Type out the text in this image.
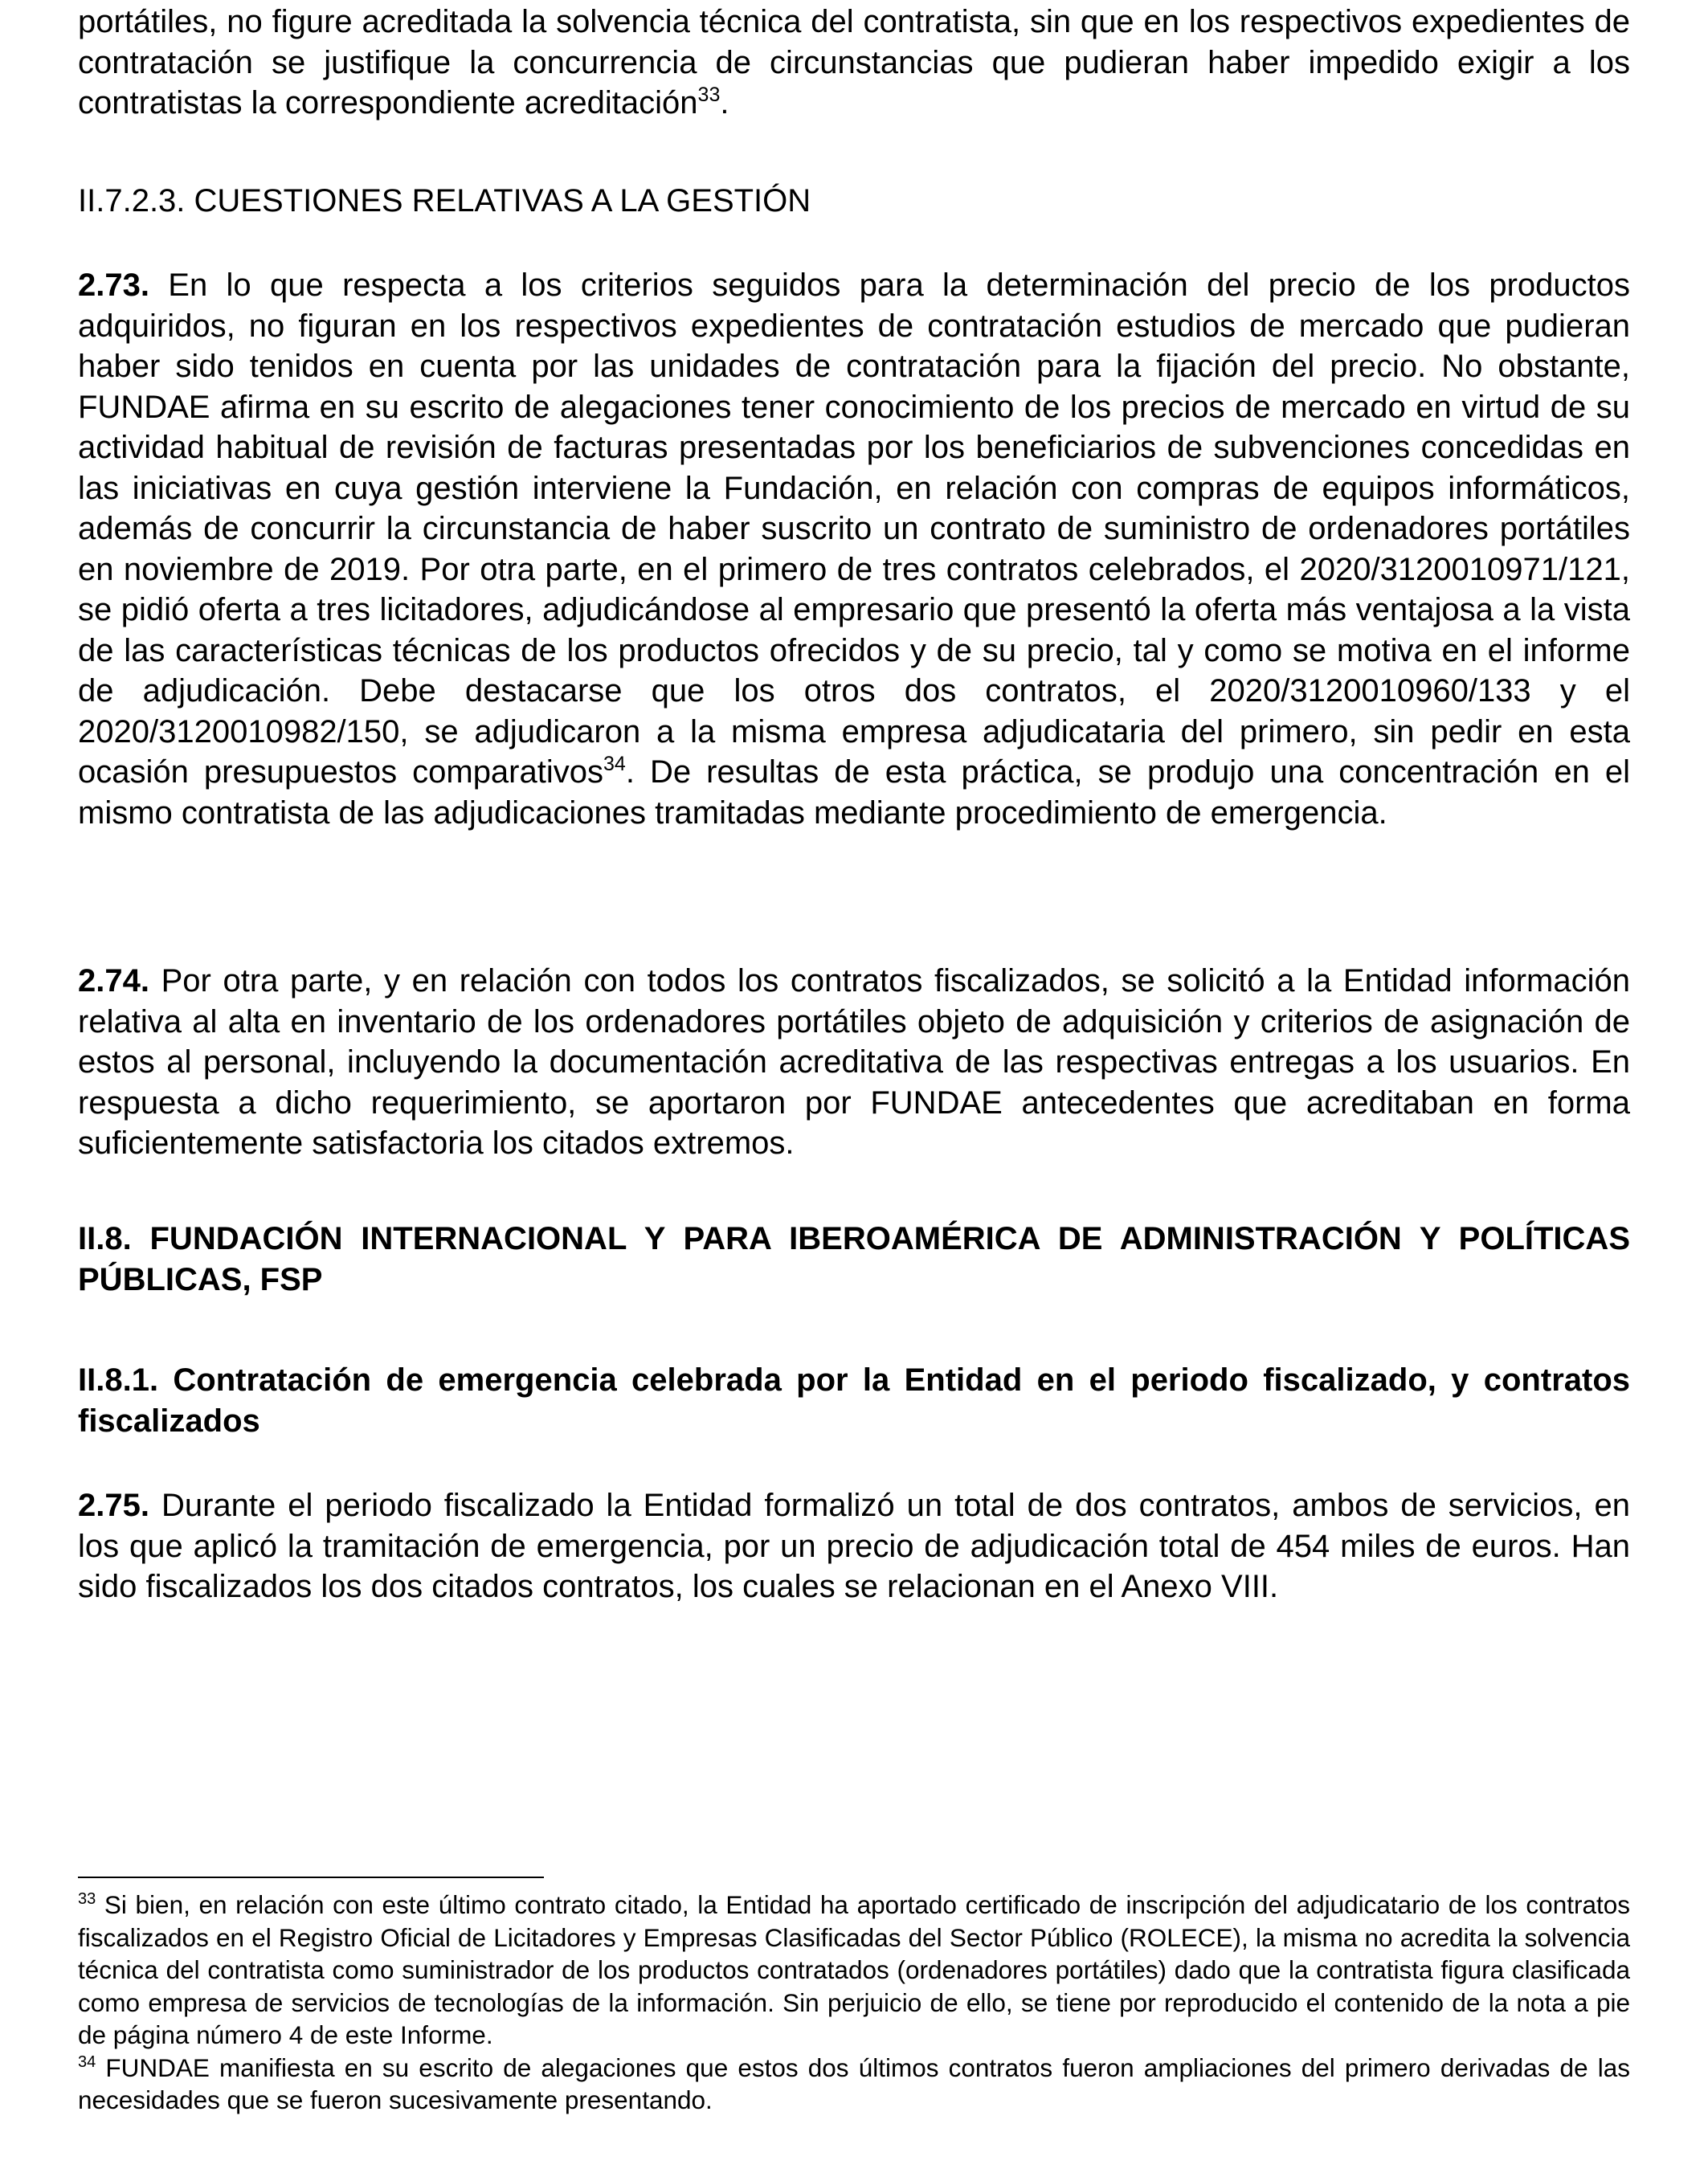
portátiles, no figure acreditada la solvencia técnica del contratista, sin que en los respectivos expedientes de contratación se justifique la concurrencia de circunstancias que pudieran haber impedido exigir a los contratistas la correspondiente acreditación$^{33}$.

II.7.2.3. CUESTIONES RELATIVAS A LA GESTIÓN

2.73. En lo que respecta a los criterios seguidos para la determinación del precio de los productos adquiridos, no figuran en los respectivos expedientes de contratación estudios de mercado que pudieran haber sido tenidos en cuenta por las unidades de contratación para la fijación del precio. No obstante, FUNDAE afirma en su escrito de alegaciones tener conocimiento de los precios de mercado en virtud de su actividad habitual de revisión de facturas presentadas por los beneficiarios de subvenciones concedidas en las iniciativas en cuya gestión interviene la Fundación, en relación con compras de equipos informáticos, además de concurrir la circunstancia de haber suscrito un contrato de suministro de ordenadores portátiles en noviembre de 2019. Por otra parte, en el primero de tres contratos celebrados, el 2020/3120010971/121, se pidió oferta a tres licitadores, adjudicándose al empresario que presentó la oferta más ventajosa a la vista de las características técnicas de los productos ofrecidos y de su precio, tal y como se motiva en el informe de adjudicación. Debe destacarse que los otros dos contratos, el 2020/3120010960/133 y el 2020/3120010982/150, se adjudicaron a la misma empresa adjudicataria del primero, sin pedir en esta ocasión presupuestos comparativos$^{34}$. De resultas de esta práctica, se produjo una concentración en el mismo contratista de las adjudicaciones tramitadas mediante procedimiento de emergencia.

2.74. Por otra parte, y en relación con todos los contratos fiscalizados, se solicitó a la Entidad información relativa al alta en inventario de los ordenadores portátiles objeto de adquisición y criterios de asignación de estos al personal, incluyendo la documentación acreditativa de las respectivas entregas a los usuarios. En respuesta a dicho requerimiento, se aportaron por FUNDAE antecedentes que acreditaban en forma suficientemente satisfactoria los citados extremos.

II.8. FUNDACIÓN INTERNACIONAL Y PARA IBEROAMÉRICA DE ADMINISTRACIÓN Y POLÍTICAS PÚBLICAS, FSP
II.8.1. Contratación de emergencia celebrada por la Entidad en el periodo fiscalizado, y contratos fiscalizados

2.75. Durante el periodo fiscalizado la Entidad formalizó un total de dos contratos, ambos de servicios, en los que aplicó la tramitación de emergencia, por un precio de adjudicación total de 454 miles de euros. Han sido fiscalizados los dos citados contratos, los cuales se relacionan en el Anexo VIII.

$^{33}$ Si bien, en relación con este último contrato citado, la Entidad ha aportado certificado de inscripción del adjudicatario de los contratos fiscalizados en el Registro Oficial de Licitadores y Empresas Clasificadas del Sector Público (ROLECE), la misma no acredita la solvencia técnica del contratista como suministrador de los productos contratados (ordenadores portátiles) dado que la contratista figura clasificada como empresa de servicios de tecnologías de la información. Sin perjuicio de ello, se tiene por reproducido el contenido de la nota a pie de página número 4 de este Informe.

$^{34}$ FUNDAE manifiesta en su escrito de alegaciones que estos dos últimos contratos fueron ampliaciones del primero derivadas de las necesidades que se fueron sucesivamente presentando.
